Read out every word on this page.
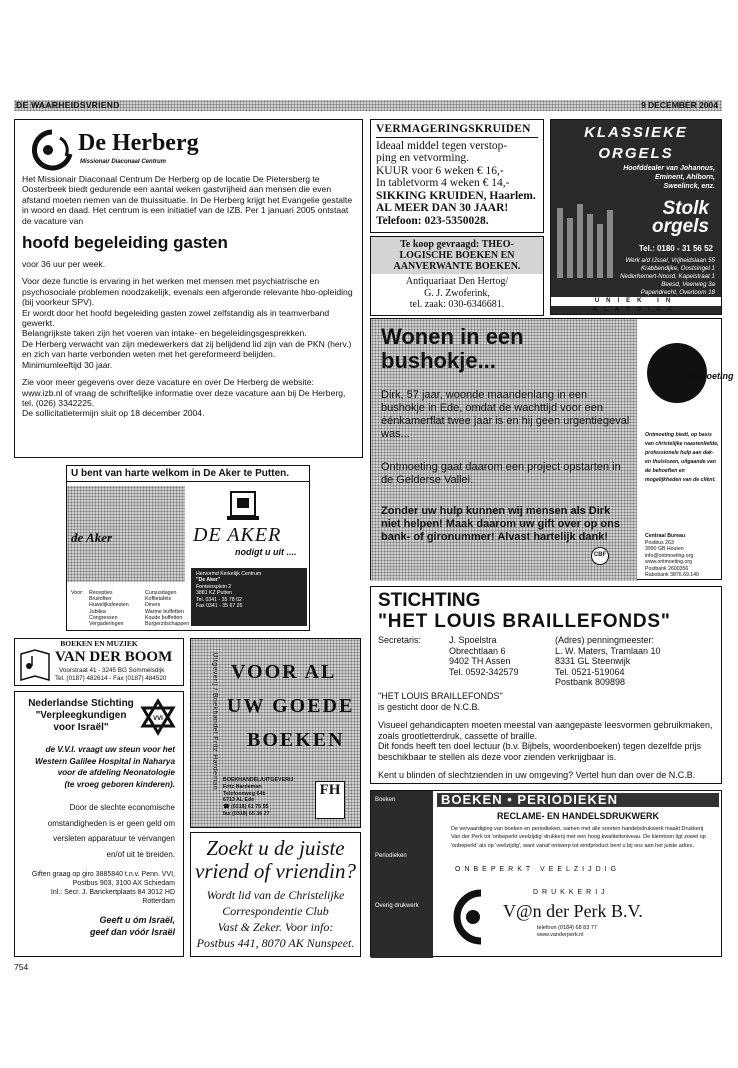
DE WAARHEIDSVRIEND	9 DECEMBER 2004
De Herberg
Missionair Diaconaal Centrum

Het Missionair Diaconaal Centrum De Herberg op de locatie De Pietersberg te Oosterbeek biedt gedurende een aantal weken gastvrijheid aan mensen die even afstand moeten nemen van de thuissituatie. In De Herberg krijgt het Evangelie gestalte in woord en daad. Het centrum is een initiatief van de IZB. Per 1 januari 2005 ontstaat de vacature van

hoofd begeleiding gasten

voor 36 uur per week.

Voor deze functie is ervaring in het werken met mensen met psychiatrische en psychosociale problemen noodzakelijk, evenals een afgeronde relevante hbo-opleiding (bij voorkeur SPV).
Er wordt door het hoofd begeleiding gasten zowel zelfstandig als in teamverband gewerkt.
Belangrijkste taken zijn het voeren van intake- en begeleidingsgesprekken.
De Herberg verwacht van zijn medewerkers dat zij belijdend lid zijn van de PKN (herv.) en zich van harte verbonden weten met het gereformeerd belijden.

Minimumleeftijd 30 jaar.

Zie voor meer gegevens over deze vacature en over De Herberg de website: www.izb.nl of vraag de schriftelijke informatie over deze vacature aan bij De Herberg, tel. (026) 3342225.
De sollicitatietermijn sluit op 18 december 2004.
VERMAGERINGSKRUIDEN
Ideaal middel tegen verstop-
ping en vetvorming.
KUUR voor 6 weken € 16,-
In tabletvorm 4 weken € 14,-
SIKKING KRUIDEN, Haarlem.
AL MEER DAN 30 JAAR!
Telefoon: 023-5350028.
Te koop gevraagd: THEO-
LOGISCHE BOEKEN EN
AANVERWANTE BOEKEN.
Antiquariaat Den Hertog/
G. J. Zwoferink,
tel. zaak: 030-6346681.
KLASSIEKE
ORGELS
Hoofddealer van Johannus,
Eminent, Ahlborn,
Sweelinck, enz.
Stolk
orgels
Tel.: 0180 - 31 56 52
Werk a/d IJssel, Vrijheidslaan 55
Krabbendijke, Oostsingel 1
Nederhemert-Noord, Kapelstraat 1
Beesd, Veerweg 3a
Papendrecht, Overtoom 18
UNIEK IN KLASSIEK
Wonen in een
bushokje...
Dirk, 57 jaar, woonde maandenlang in een bushokje in Ede, omdat de wachttijd voor een éénkamerflat twee jaar is en hij geen urgentiegeval was...
Ontmoeting gaat daarom een project opstarten in de Gelderse Vallei.
Zonder uw hulp kunnen wij mensen als Dirk niet helpen! Maak daarom uw gift over op ons bank- of gironummer! Alvast hartelijk dank!
CBF
Ontmoeting
Ontmoeting biedt, op basis van christelijke naastenliefde, professionele hulp aan dak- en thuislozen, uitgaande van de behoeften en mogelijkheden van de cliënt.
Centraal Bureau
Postbus 263
3990 GB Houten
info@ontmoeting.org
www.ontmoeting.org
Postbank 2600356
Rabobank 3876.69.140
STICHTING
"HET LOUIS BRAILLEFONDS"
Secretaris:	J. Spoelstra
Obrechtlaan 6
9402 TH Assen
Tel. 0592-342579
(Adres) penningmeester:
L. W. Maters, Tramlaan 10
8331 GL Steenwijk
Tel. 0521-519064
Postbank 809898
"HET LOUIS BRAILLEFONDS"
is gesticht door de N.C.B.
Visueel gehandicapten moeten meestal van aangepaste leesvormen gebruikmaken, zoals grootletterdruk, cassette of braille.
Dit fonds heeft ten doel lectuur (b.v. Bijbels, woordenboeken) tegen dezelfde prijs beschikbaar te stellen als deze voor zienden verkrijgbaar is.
Kent u blinden of slechtzienden in uw omgeving? Vertel hun dan over de N.C.B.
U bent van harte welkom in De Aker te Putten.
de Aker	DE AKER
nodigt u uit ....
Hervormd Kerkelijk Centrum
"De Aker"
Fonteinsplein 2
3881 KZ Putten
Tel. 0341 - 35 78 02
Fax 0341 - 35 67 26
Voor: Recepties
Bruiloften
Huwelijksfeesten
Jubilea
Congressen
Vergaderingen
Cursusdagen
Koffietafels
Diners
Warme buffetten
Koude buffetten
Burgerzitschappen
BOEKEN EN MUZIEK
VAN DER BOOM
Voorstraat 41 - 3245 BG Sommelsdijk
Tel. (0187) 482614 - Fax (0187) 484520
Nederlandse Stichting
"Verpleegkundigen
voor Israël"
VVI
de V.V.I. vraagt uw steun voor het
Western Galilee Hospital in Naharya
voor de afdeling Neonatologie
(te vroeg geboren kinderen).
Door de slechte economische
omstandigheden is er geen geld om
versleten apparatuur te vervangen
en/of uit te breiden.
Giften graag op giro 3885840 t.n.v. Penn. VVI,
Postbus 903, 3100 AX Schiedam
Inl.: Secr. J. Banckertplaats 84 3012 HD Rotterdam
Geeft u óm Israël,
geef dan vóór Israël
Uitgeverij / Boekhandel Fritz Hardeman VOOR AL
UW GOEDE
BOEKEN
BOEKHANDEL/UITGEVERIJ
Fritz Hardeman
Telefoonweg 64b
6713 AL Ede
☎ (0318) 61 75 55
fax (0318) 65 36 27
FH
Zoekt u de juiste
vriend of vriendin?
Wordt lid van de Christelijke
Correspondentie Club
Vast & Zeker. Voor info:
Postbus 441, 8070 AK Nunspeet.
Boeken
Periodieken
Overig drukwerk
BOEKEN • PERIODIEKEN
RECLAME- EN HANDELSDRUKWERK
De vervaardiging van boeken en periodieken, samen met alle soorten handelsdrukwerk maakt Drukkerij Van der Perk tot 'onbeperkt veelzijdig' drukkerij met een hoog kwaliteitsniveau. De klemtoon ligt zowel op 'onbeperkt' als op 'veelzijdig', want vanaf ontwerp tot eindproduct bent u bij ons aan het juiste adres.
ONBEPERKT VEELZIJDIG
DRUKKERIJ
V@n der Perk B.V.
telefoon (0184) 68 83 77
www.vanderperk.nl
754
